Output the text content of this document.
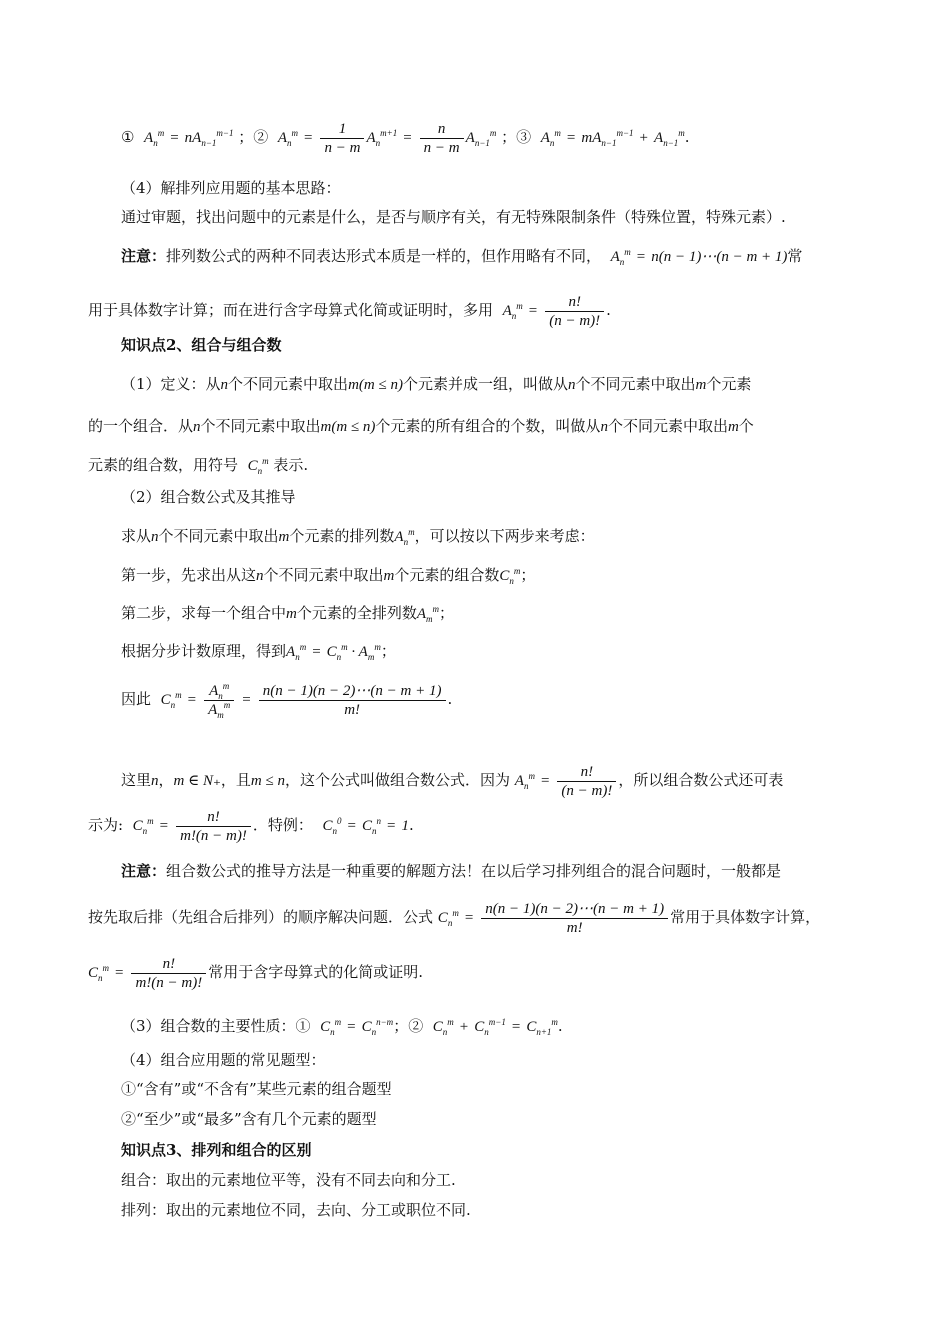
① $A_n^m = nA_{n-1}^{m-1}$ ；② $A_n^m = \frac{1}{n - m} A_n^{m+1} = \frac{n}{n - m} A_{n-1}^m$ ；③ $A_n^m = mA_{n-1}^{m-1} + A_{n-1}^m$.
（4）解排列应用题的基本思路：
通过审题，找出问题中的元素是什么，是否与顺序有关，有无特殊限制条件（特殊位置，特殊元素）.
注意：排列数公式的两种不同表达形式本质是一样的，但作用略有不同， $A_n^m = n(n$ − 1)⋯(n − m + 1)常
用于具体数字计算；而在进行含字母算式化简或证明时，多用 $A_n^m = \frac{n!}{(n - m)!}$ .
知识点2、组合与组合数
（1）定义：从n个不同元素中取出m(m ≤ n)个元素并成一组，叫做从n个不同元素中取出m个元素
的一个组合．从n个不同元素中取出m(m ≤ n)个元素的所有组合的个数，叫做从n个不同元素中取出m个
元素的组合数，用符号 $C_n^m$ 表示.
（2）组合数公式及其推导
求从n个不同元素中取出m个元素的排列数$A_n^m$，可以按以下两步来考虑：
第一步，先求出从这n个不同元素中取出m个元素的组合数$C_n^m$；
第二步，求每一个组合中m个元素的全排列数$A_m^m$；
根据分步计数原理，得到$A_n^m = C_n^m \cdot A_m^m$；
因此 $C_n^m = \frac{A_n^m}{A_m^m} = \frac{n(n - 1)(n - 2)\cdots(n - m + 1)}{m!}$ .
这里n，m ∈ N₊，且m ≤ n，这个公式叫做组合数公式．因为 $A_n^m = \frac{n!}{(n - m)!}$ ，所以组合数公式还可表
示为: $C_n^m = \frac{n!}{m!(n - m)!}$ ．特例： $C_n^0 = C_n^n = 1$.
注意：组合数公式的推导方法是一种重要的解题方法！在以后学习排列组合的混合问题时，一般都是
按先取后排（先组合后排列）的顺序解决问题．公式 $C_n^m = \frac{n(n - 1)(n - 2)\cdots(n - m + 1)}{m!}$ 常用于具体数字计算，
$C_n^m = \frac{n!}{m!(n - m)!}$ 常用于含字母算式的化简或证明.
（3）组合数的主要性质：① $C_n^m = C_n^{n-m}$；② $C_n^m + C_n^{m-1} = C_{n+1}^m$.
（4）组合应用题的常见题型：
①“含有”或“不含有”某些元素的组合题型
②“至少”或“最多”含有几个元素的题型
知识点3、排列和组合的区别
组合：取出的元素地位平等，没有不同去向和分工.
排列：取出的元素地位不同，去向、分工或职位不同.
